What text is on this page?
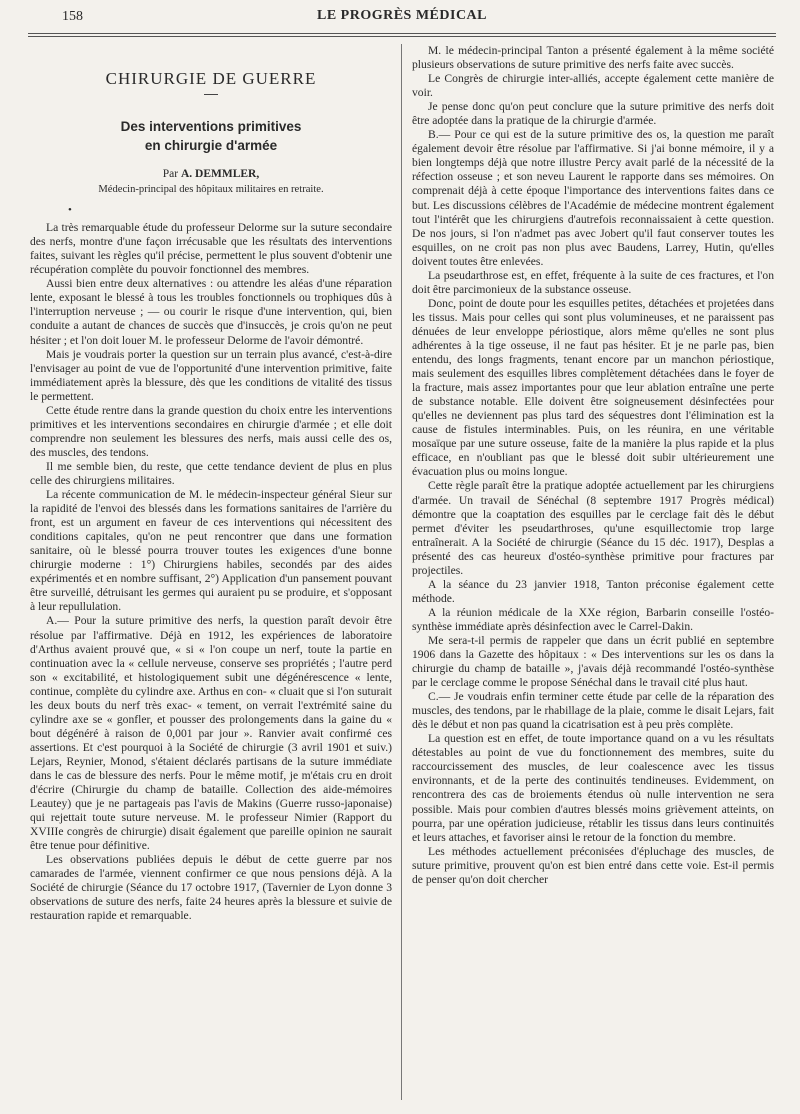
158	LE PROGRÈS MÉDICAL
CHIRURGIE DE GUERRE
Des interventions primitives
en chirurgie d'armée
Par A. DEMMLER,
Médecin-principal des hôpitaux militaires en retraite.
•

La très remarquable étude du professeur Delorme sur la suture secondaire des nerfs, montre d'une façon irrécusable que les résultats des interventions faites, suivant les règles qu'il précise, permettent le plus souvent d'obtenir une récupération complète du pouvoir fonctionnel des membres.

Aussi bien entre deux alternatives : ou attendre les aléas d'une réparation lente, exposant le blessé à tous les troubles fonctionnels ou trophiques dûs à l'interruption nerveuse ; — ou courir le risque d'une intervention, qui, bien conduite a autant de chances de succès que d'insuccès, je crois qu'on ne peut hésiter ; et l'on doit louer M. le professeur Delorme de l'avoir démontré.

Mais je voudrais porter la question sur un terrain plus avancé, c'est-à-dire l'envisager au point de vue de l'opportunité d'une intervention primitive, faite immédiatement après la blessure, dès que les conditions de vitalité des tissus le permettent.

Cette étude rentre dans la grande question du choix entre les interventions primitives et les interventions secondaires en chirurgie d'armée ; et elle doit comprendre non seulement les blessures des nerfs, mais aussi celle des os, des muscles, des tendons.

Il me semble bien, du reste, que cette tendance devient de plus en plus celle des chirurgiens militaires.

La récente communication de M. le médecin-inspecteur général Sieur sur la rapidité de l'envoi des blessés dans les formations sanitaires de l'arrière du front, est un argument en faveur de ces interventions qui nécessitent des conditions capitales, qu'on ne peut rencontrer que dans une formation sanitaire, où le blessé pourra trouver toutes les exigences d'une bonne chirurgie moderne : 1°) Chirurgiens habiles, secondés par des aides expérimentés et en nombre suffisant, 2°) Application d'un pansement pouvant être surveillé, détruisant les germes qui auraient pu se produire, et s'opposant à leur repullulation.

A.— Pour la suture primitive des nerfs, la question paraît devoir être résolue par l'affirmative. Déjà en 1912, les expériences de laboratoire d'Arthus avaient prouvé que, « si « l'on coupe un nerf, toute la partie en continuation avec la « cellule nerveuse, conserve ses propriétés ; l'autre perd son « excitabilité, et histologiquement subit une dégénérescence « lente, continue, complète du cylindre axe. Arthus en con- « cluait que si l'on suturait les deux bouts du nerf très exac- « tement, on verrait l'extrémité saine du cylindre axe se « gonfler, et pousser des prolongements dans la gaine du « bout dégénéré à raison de 0,001 par jour ». Ranvier avait confirmé ces assertions. Et c'est pourquoi à la Société de chirurgie (3 avril 1901 et suiv.) Lejars, Reynier, Monod, s'étaient déclarés partisans de la suture immédiate dans le cas de blessure des nerfs. Pour le même motif, je m'étais cru en droit d'écrire (Chirurgie du champ de bataille. Collection des aide-mémoires Leautey) que je ne partageais pas l'avis de Makins (Guerre russo-japonaise) qui rejettait toute suture nerveuse. M. le professeur Nimier (Rapport du XVIIIe congrès de chirurgie) disait également que pareille opinion ne saurait être tenue pour définitive.

Les observations publiées depuis le début de cette guerre par nos camarades de l'armée, viennent confirmer ce que nous pensions déjà. A la Société de chirurgie (Séance du 17 octobre 1917, (Tavernier de Lyon donne 3 observations de suture des nerfs, faite 24 heures après la blessure et suivie de restauration rapide et remarquable.

M. le médecin-principal Tanton a présenté également à la même société plusieurs observations de suture primitive des nerfs faite avec succès.

Le Congrès de chirurgie inter-alliés, accepte également cette manière de voir.

Je pense donc qu'on peut conclure que la suture primitive des nerfs doit être adoptée dans la pratique de la chirurgie d'armée.

B.— Pour ce qui est de la suture primitive des os, la question me paraît également devoir être résolue par l'affirmative. Si j'ai bonne mémoire, il y a bien longtemps déjà que notre illustre Percy avait parlé de la nécessité de la réfection osseuse ; et son neveu Laurent le rapporte dans ses mémoires. On comprenait déjà à cette époque l'importance des interventions faites dans ce but. Les discussions célèbres de l'Académie de médecine montrent également tout l'intérêt que les chirurgiens d'autrefois reconnaissaient à cette question. De nos jours, si l'on n'admet pas avec Jobert qu'il faut conserver toutes les esquilles, on ne croit pas non plus avec Baudens, Larrey, Hutin, qu'elles doivent toutes être enlevées.

La pseudarthrose est, en effet, fréquente à la suite de ces fractures, et l'on doit être parcimonieux de la substance osseuse.

Donc, point de doute pour les esquilles petites, détachées et projetées dans les tissus. Mais pour celles qui sont plus volumineuses, et ne paraissent pas dénuées de leur enveloppe périostique, alors même qu'elles ne sont plus adhérentes à la tige osseuse, il ne faut pas hésiter. Et je ne parle pas, bien entendu, des longs fragments, tenant encore par un manchon périostique, mais seulement des esquilles libres complètement détachées dans le foyer de la fracture, mais assez importantes pour que leur ablation entraîne une perte de substance notable. Elle doivent être soigneusement désinfectées pour qu'elles ne deviennent pas plus tard des séquestres dont l'élimination est la cause de fistules interminables. Puis, on les réunira, en une véritable mosaïque par une suture osseuse, faite de la manière la plus rapide et la plus efficace, en n'oubliant pas que le blessé doit subir ultérieurement une évacuation plus ou moins longue.

Cette règle paraît être la pratique adoptée actuellement par les chirurgiens d'armée. Un travail de Sénéchal (8 septembre 1917 Progrès médical) démontre que la coaptation des esquilles par le cerclage fait dès le début permet d'éviter les pseudarthroses, qu'une esquillectomie trop large entraînerait. A la Société de chirurgie (Séance du 15 déc. 1917), Desplas a présenté des cas heureux d'ostéo-synthèse primitive pour fractures par projectiles.

A la séance du 23 janvier 1918, Tanton préconise également cette méthode.

A la réunion médicale de la XXe région, Barbarin conseille l'ostéo-synthèse immédiate après désinfection avec le Carrel-Dakin.

Me sera-t-il permis de rappeler que dans un écrit publié en septembre 1906 dans la Gazette des hôpitaux : « Des interventions sur les os dans la chirurgie du champ de bataille », j'avais déjà recommandé l'ostéo-synthèse par le cerclage comme le propose Sénéchal dans le travail cité plus haut.

C.— Je voudrais enfin terminer cette étude par celle de la réparation des muscles, des tendons, par le rhabillage de la plaie, comme le disait Lejars, fait dès le début et non pas quand la cicatrisation est à peu près complète.

La question est en effet, de toute importance quand on a vu les résultats détestables au point de vue du fonctionnement des membres, suite du raccourcissement des muscles, de leur coalescence avec les tissus environnants, et de la perte des continuités tendineuses. Evidemment, on rencontrera des cas de broiements étendus où nulle intervention ne sera possible. Mais pour combien d'autres blessés moins grièvement atteints, on pourra, par une opération judicieuse, rétablir les tissus dans leurs continuités et leurs attaches, et favoriser ainsi le retour de la fonction du membre.

Les méthodes actuellement préconisées d'épluchage des muscles, de suture primitive, prouvent qu'on est bien entré dans cette voie. Est-il permis de penser qu'on doit chercher
